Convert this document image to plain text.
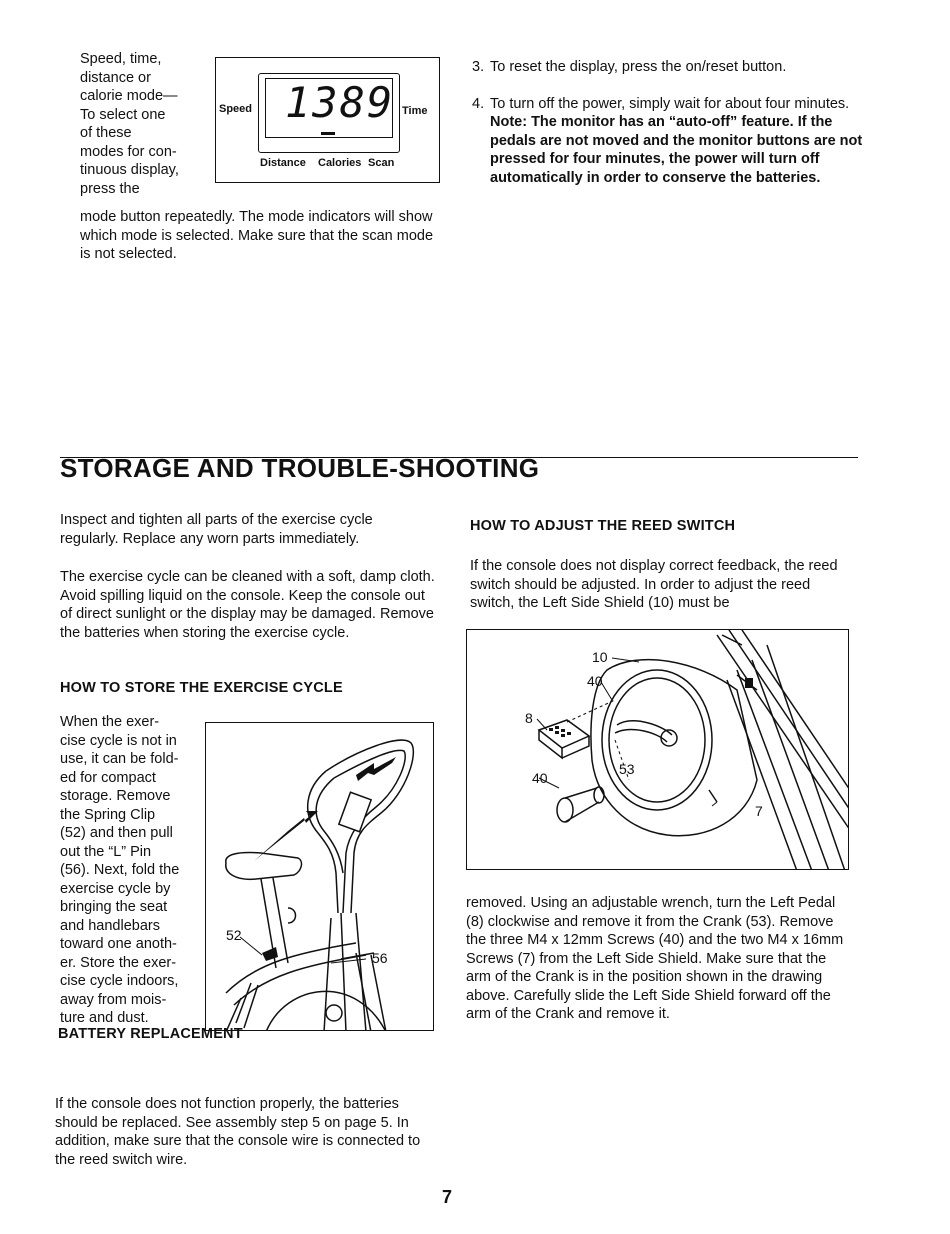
Speed, time,

distance or

calorie mode—

To select one

of these

modes for con-

tinuous display,

press the

mode button repeatedly. The mode indicators will show which mode is selected. Make sure that the scan mode is not selected.

Speed 1389 Time
Distance Calories Scan
3. To reset the display, press the on/reset button.
4. To turn off the power, simply wait for about four minutes. Note: The monitor has an “auto-off” feature. If the pedals are not moved and the monitor buttons are not pressed for four minutes, the power will turn off automatically in order to conserve the batteries.
STORAGE AND TROUBLE-SHOOTING

Inspect and tighten all parts of the exercise cycle regularly. Replace any worn parts immediately.

The exercise cycle can be cleaned with a soft, damp cloth. Avoid spilling liquid on the console. Keep the console out of direct sunlight or the display may be damaged. Remove the batteries when storing the exercise cycle.

HOW TO STORE THE EXERCISE CYCLE

When the exer-

cise cycle is not in

use, it can be fold-

ed for compact

storage. Remove

the Spring Clip

(52) and then pull

out the “L” Pin

(56). Next, fold the

exercise cycle by

bringing the seat

and handlebars

toward one anoth-

er. Store the exer-

cise cycle indoors,

away from mois-

ture and dust.

52
56
BATTERY REPLACEMENT

If the console does not function properly, the batteries should be replaced. See assembly step 5 on page 5. In addition, make sure that the console wire is connected to the reed switch wire.

HOW TO ADJUST THE REED SWITCH

If the console does not display correct feedback, the reed switch should be adjusted. In order to adjust the reed switch, the Left Side Shield (10) must be

10
40
8
40
53
7

removed. Using an adjustable wrench, turn the Left Pedal (8) clockwise and remove it from the Crank (53). Remove the three M4 x 12mm Screws (40) and the two M4 x 16mm Screws (7) from the Left Side Shield. Make sure that the arm of the Crank is in the position shown in the drawing above. Carefully slide the Left Side Shield forward off the arm of the Crank and remove it.

7
